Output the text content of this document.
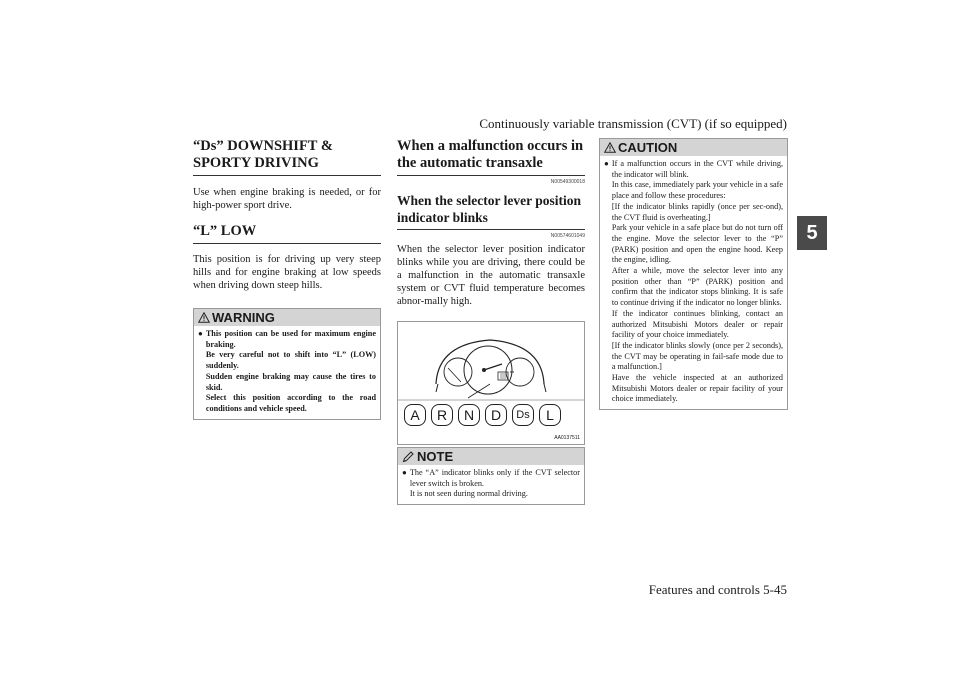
Continuously variable transmission (CVT) (if so equipped)
5
“Ds” DOWNSHIFT & SPORTY DRIVING

Use when engine braking is needed, or for high-power sport drive.

“L” LOW

This position is for driving up very steep hills and for engine braking at low speeds when driving down steep hills.

WARNING
● This position can be used for maximum engine braking.
Be very careful not to shift into “L” (LOW) suddenly.
Sudden engine braking may cause the tires to skid.
Select this position according to the road conditions and vehicle speed.
When a malfunction occurs in the automatic transaxle
N00549300018
When the selector lever position indicator blinks
N00574601049

When the selector lever position indicator blinks while you are driving, there could be a malfunction in the automatic transaxle system or CVT fluid temperature becomes abnor-mally high.

A	R	N	D	Ds	L
AA0137511
NOTE
● The “A” indicator blinks only if the CVT selector lever switch is broken.
It is not seen during normal driving.
CAUTION
● If a malfunction occurs in the CVT while driving, the indicator will blink.
In this case, immediately park your vehicle in a safe place and follow these procedures:
[If the indicator blinks rapidly (once per sec-ond), the CVT fluid is overheating.]
Park your vehicle in a safe place but do not turn off the engine. Move the selector lever to the “P” (PARK) position and open the engine hood. Keep the engine, idling.
After a while, move the selector lever into any position other than “P” (PARK) position and confirm that the indicator stops blinking. It is safe to continue driving if the indicator no longer blinks.
If the indicator continues blinking, contact an authorized Mitsubishi Motors dealer or repair facility of your choice immediately.
[If the indicator blinks slowly (once per 2 seconds), the CVT may be operating in fail-safe mode due to a malfunction.]
Have the vehicle inspected at an authorized Mitsubishi Motors dealer or repair facility of your choice immediately.
Features and controls 5-45
